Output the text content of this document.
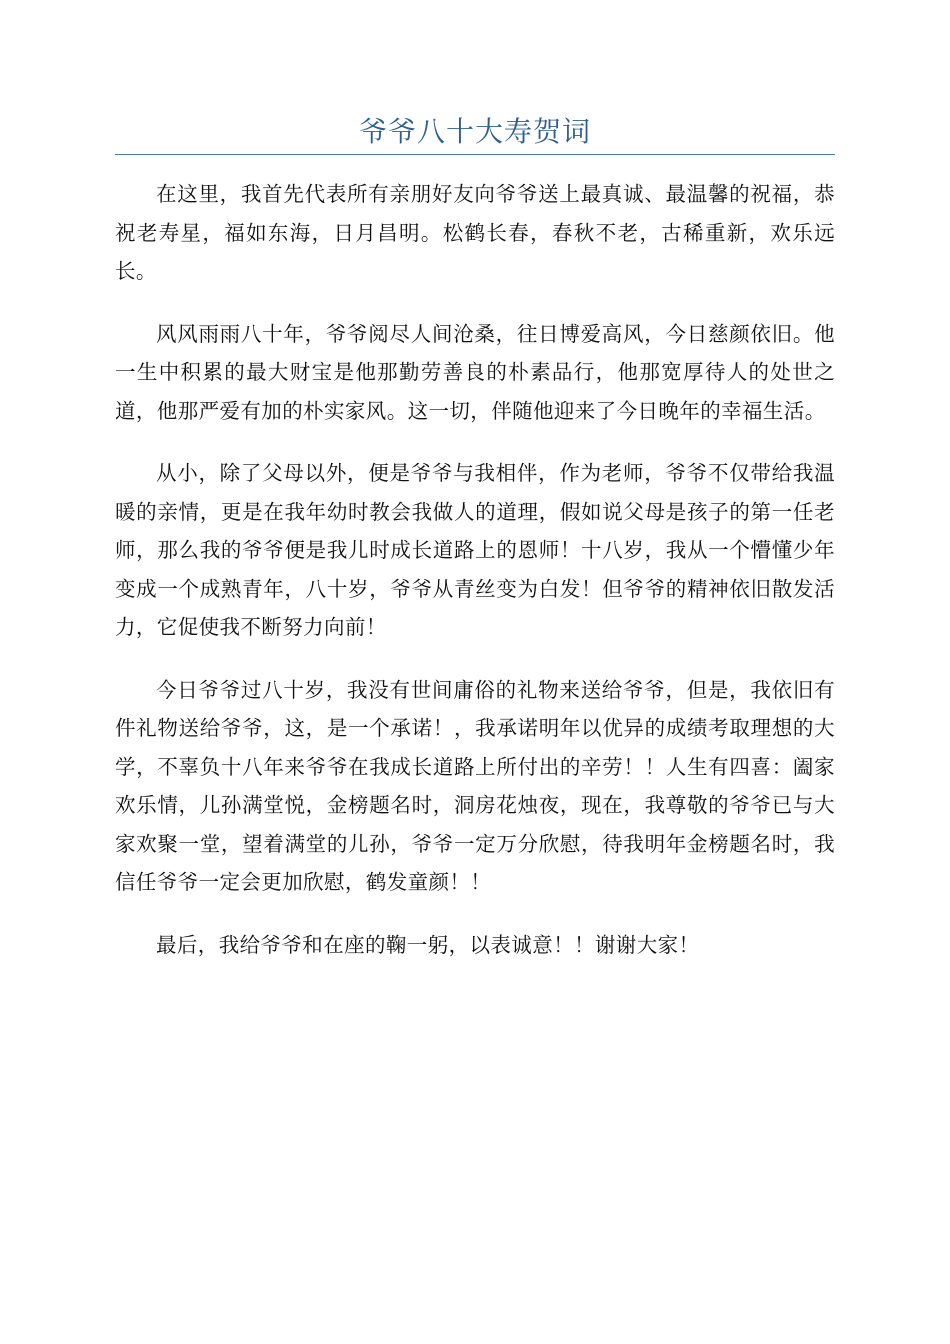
爷爷八十大寿贺词

在这里，我首先代表所有亲朋好友向爷爷送上最真诚、最温馨的祝福，恭祝老寿星，福如东海，日月昌明。松鹤长春，春秋不老，古稀重新，欢乐远长。

风风雨雨八十年，爷爷阅尽人间沧桑，往日博爱高风，今日慈颜依旧。他一生中积累的最大财宝是他那勤劳善良的朴素品行，他那宽厚待人的处世之道，他那严爱有加的朴实家风。这一切，伴随他迎来了今日晚年的幸福生活。

从小，除了父母以外，便是爷爷与我相伴，作为老师，爷爷不仅带给我温暖的亲情，更是在我年幼时教会我做人的道理，假如说父母是孩子的第一任老师，那么我的爷爷便是我儿时成长道路上的恩师！十八岁，我从一个懵懂少年变成一个成熟青年，八十岁，爷爷从青丝变为白发！但爷爷的精神依旧散发活力，它促使我不断努力向前！

今日爷爷过八十岁，我没有世间庸俗的礼物来送给爷爷，但是，我依旧有件礼物送给爷爷，这，是一个承诺！，我承诺明年以优异的成绩考取理想的大学，不辜负十八年来爷爷在我成长道路上所付出的辛劳！！人生有四喜：阖家欢乐情，儿孙满堂悦，金榜题名时，洞房花烛夜，现在，我尊敬的爷爷已与大家欢聚一堂，望着满堂的儿孙，爷爷一定万分欣慰，待我明年金榜题名时，我信任爷爷一定会更加欣慰，鹤发童颜！！

最后，我给爷爷和在座的鞠一躬，以表诚意！！谢谢大家！
